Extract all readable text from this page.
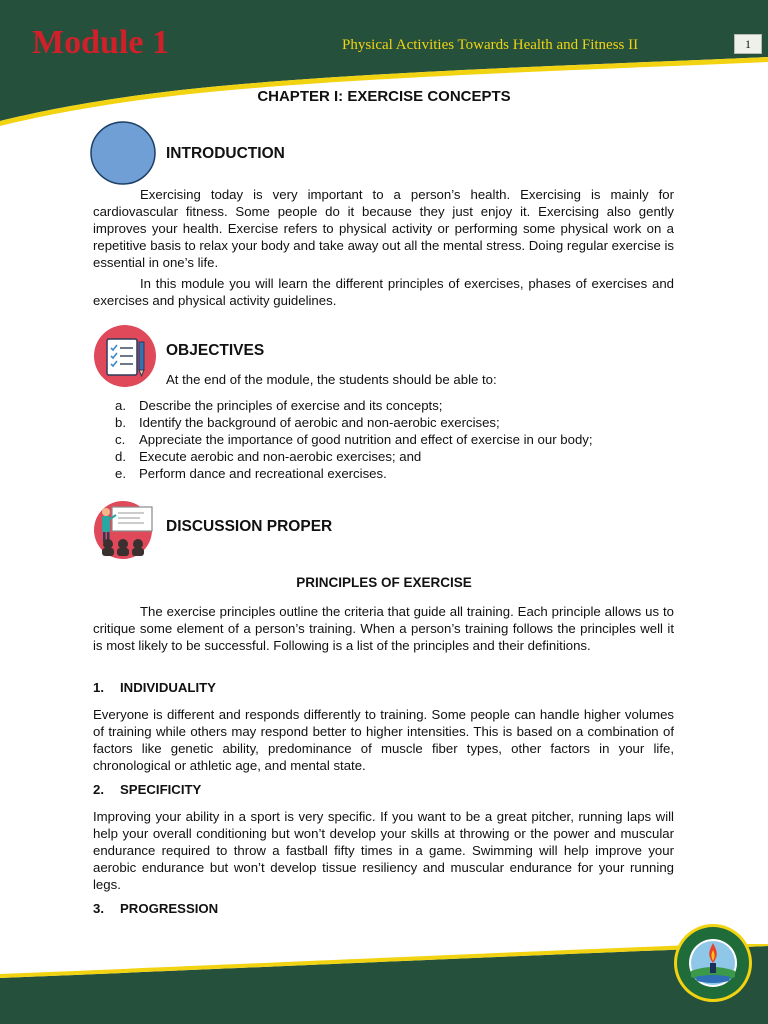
Module 1	Physical Activities Towards Health and Fitness II	1
CHAPTER I: EXERCISE CONCEPTS
INTRODUCTION

Exercising today is very important to a person’s health. Exercising is mainly for cardiovascular fitness. Some people do it because they just enjoy it. Exercising also gently improves your health. Exercise refers to physical activity or performing some physical work on a repetitive basis to relax your body and take away out all the mental stress. Doing regular exercise is essential in one’s life.

In this module you will learn the different principles of exercises, phases of exercises and exercises and physical activity guidelines.

OBJECTIVES
At the end of the module, the students should be able to:
a. Describe the principles of exercise and its concepts;
b. Identify the background of aerobic and non-aerobic exercises;
c.	Appreciate the importance of good nutrition and effect of exercise in our body;
d. Execute aerobic and non-aerobic exercises; and
e. Perform dance and recreational exercises.
DISCUSSION PROPER
PRINCIPLES OF EXERCISE

The exercise principles outline the criteria that guide all training. Each principle allows us to critique some element of a person’s training. When a person’s training follows the principles well it is most likely to be successful. Following is a list of the principles and their definitions.

1. INDIVIDUALITY

Everyone is different and responds differently to training. Some people can handle higher volumes of training while others may respond better to higher intensities. This is based on a combination of factors like genetic ability, predominance of muscle fiber types, other factors in your life, chronological or athletic age, and mental state.

2. SPECIFICITY

Improving your ability in a sport is very specific. If you want to be a great pitcher, running laps will help your overall conditioning but won’t develop your skills at throwing or the power and muscular endurance required to throw a fastball fifty times in a game. Swimming will help improve your aerobic endurance but won’t develop tissue resiliency and muscular endurance for your running legs.

3. PROGRESSION
